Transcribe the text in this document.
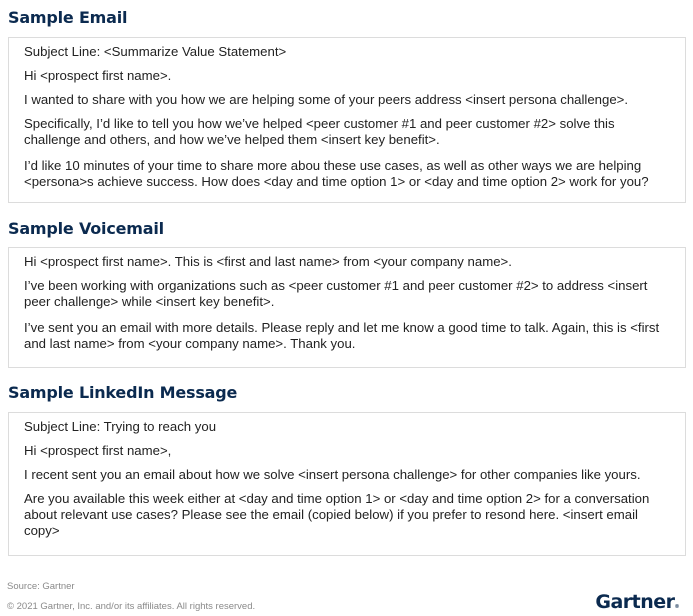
Sample Email

Subject Line: <Summarize Value Statement>

Hi <prospect first name>.

I wanted to share with you how we are helping some of your peers address <insert persona challenge>.

Specifically, I’d like to tell you how we’ve helped <peer customer #1 and peer customer #2> solve this challenge and others, and how we’ve helped them <insert key benefit>.

I’d like 10 minutes of your time to share more abou these use cases, as well as other ways we are helping <persona>s achieve success. How does <day and time option 1> or <day and time option 2> work for you?

Sample Voicemail

Hi <prospect first name>. This is <first and last name> from <your company name>.

I’ve been working with organizations such as <peer customer #1 and peer customer #2> to address <insert peer challenge> while <insert key benefit>.

I’ve sent you an email with more details. Please reply and let me know a good time to talk. Again, this is <first and last name> from <your company name>. Thank you.

Sample LinkedIn Message

Subject Line: Trying to reach you

Hi <prospect first name>,

I recent sent you an email about how we solve <insert persona challenge> for other companies like yours.

Are you available this week either at <day and time option 1> or <day and time option 2> for a conversation about relevant use cases? Please see the email (copied below) if you prefer to resond here. <insert email copy>

Source: Gartner
© 2021 Gartner, Inc. and/or its affiliates. All rights reserved.	Gartner®
